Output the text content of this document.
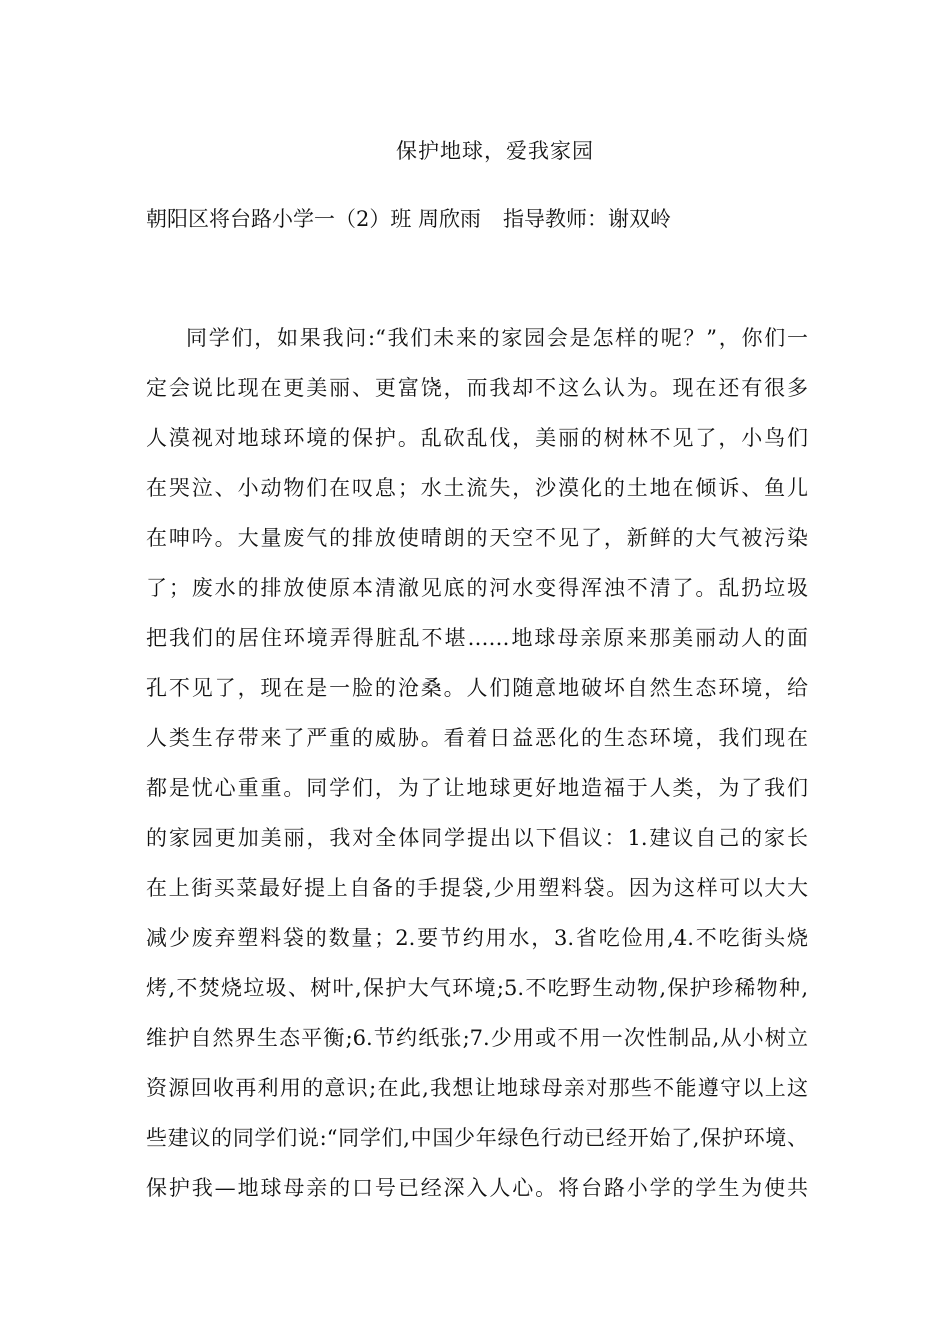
保护地球，爱我家园

朝阳区将台路小学一（2）班 周欣雨 指导教师：谢双岭

同学们，如果我问:“我们未来的家园会是怎样的呢？”，你们一
定会说比现在更美丽、更富饶，而我却不这么认为。现在还有很多
人漠视对地球环境的保护。乱砍乱伐，美丽的树林不见了，小鸟们
在哭泣、小动物们在叹息；水土流失，沙漠化的土地在倾诉、鱼儿
在呻吟。大量废气的排放使晴朗的天空不见了，新鲜的大气被污染
了；废水的排放使原本清澈见底的河水变得浑浊不清了。乱扔垃圾
把我们的居住环境弄得脏乱不堪……地球母亲原来那美丽动人的面
孔不见了，现在是一脸的沧桑。人们随意地破坏自然生态环境，给
人类生存带来了严重的威胁。看着日益恶化的生态环境，我们现在
都是忧心重重。同学们，为了让地球更好地造福于人类，为了我们
的家园更加美丽，我对全体同学提出以下倡议：1.建议自己的家长
在上街买菜最好提上自备的手提袋,少用塑料袋。因为这样可以大大
减少废弃塑料袋的数量；2.要节约用水，3.省吃俭用,4.不吃街头烧
烤,不焚烧垃圾、树叶,保护大气环境;5.不吃野生动物,保护珍稀物种,
维护自然界生态平衡;6.节约纸张;7.少用或不用一次性制品,从小树立
资源回收再利用的意识;在此,我想让地球母亲对那些不能遵守以上这
些建议的同学们说:“同学们,中国少年绿色行动已经开始了,保护环境、
保护我—地球母亲的口号已经深入人心。将台路小学的学生为使共
